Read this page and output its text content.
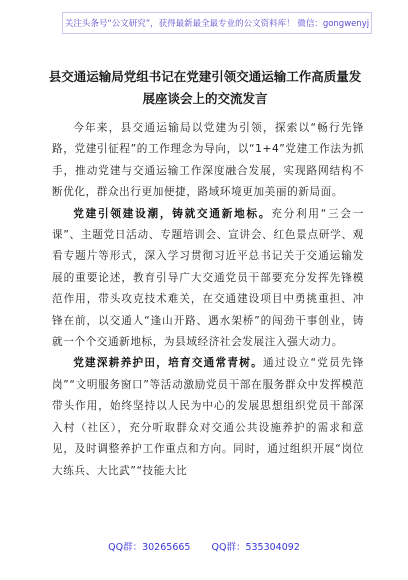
关注头条号“公文研究”，获得最新最全最专业的公文资料库！ 微信：gongwenyj
县交通运输局党组书记在党建引领交通运输工作高质量发
展座谈会上的交流发言

今年来，县交通运输局以党建为引领，探索以“畅行先锋路，党建引征程”的工作理念为导向，以“1+4”党建工作法为抓手，推动党建与交通运输工作深度融合发展，实现路网结构不断优化，群众出行更加便捷，路域环境更加美丽的新局面。

党建引领建设潮，铸就交通新地标。充分利用“三会一课”、主题党日活动、专题培训会、宣讲会、红色景点研学、观看专题片等形式，深入学习贯彻习近平总书记关于交通运输发展的重要论述，教育引导广大交通党员干部要充分发挥先锋模范作用，带头攻克技术难关，在交通建设项目中勇挑重担、冲锋在前，以交通人“逢山开路、遇水架桥”的闯劲干事创业，铸就一个个交通新地标，为县域经济社会发展注入强大动力。

党建深耕养护田，培育交通常青树。通过设立“党员先锋岗”“文明服务窗口”等活动激励党员干部在服务群众中发挥模范带头作用，始终坚持以人民为中心的发展思想组织党员干部深入村（社区），充分听取群众对交通公共设施养护的需求和意见，及时调整养护工作重点和方向。同时，通过组织开展“岗位大练兵、大比武”“技能大比

QQ群：30265665 QQ群：535304092
